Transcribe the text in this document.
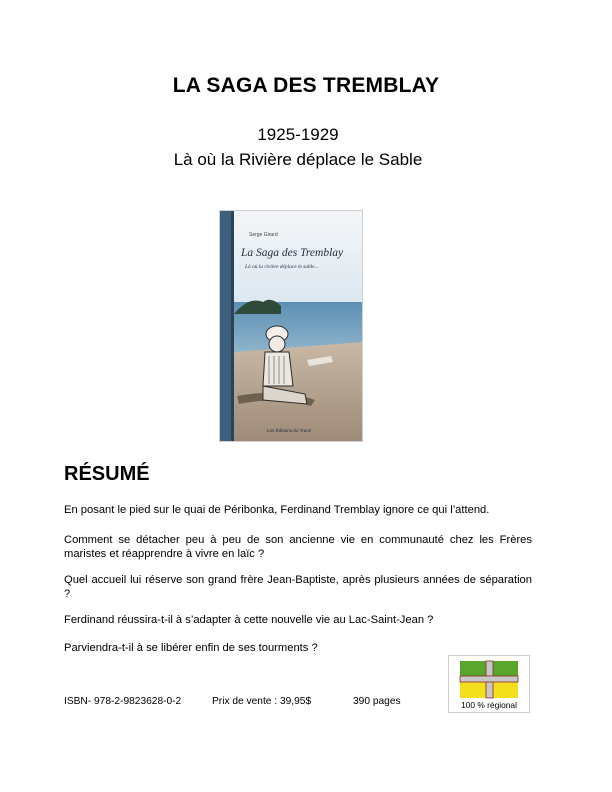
LA SAGA DES TREMBLAY
1925-1929
Là où la Rivière déplace le Sable
Serge Girard
La Saga des Tremblay
Là où la rivière déplace le sable...
Les Éditions du Tracé
RÉSUMÉ
En posant le pied sur le quai de Péribonka, Ferdinand Tremblay ignore ce qui l’attend.
Comment se détacher peu à peu de son ancienne vie en communauté chez les Frères maristes et réapprendre à vivre en laïc ?
Quel accueil lui réserve son grand frère Jean-Baptiste, après plusieurs années de séparation ?
Ferdinand réussira-t-il à s’adapter à cette nouvelle vie au Lac-Saint-Jean ?
Parviendra-t-il à se libérer enfin de ses tourments ?
ISBN- 978-2-9823628-0-2	Prix de vente : 39,95$	390 pages	100 % régional
